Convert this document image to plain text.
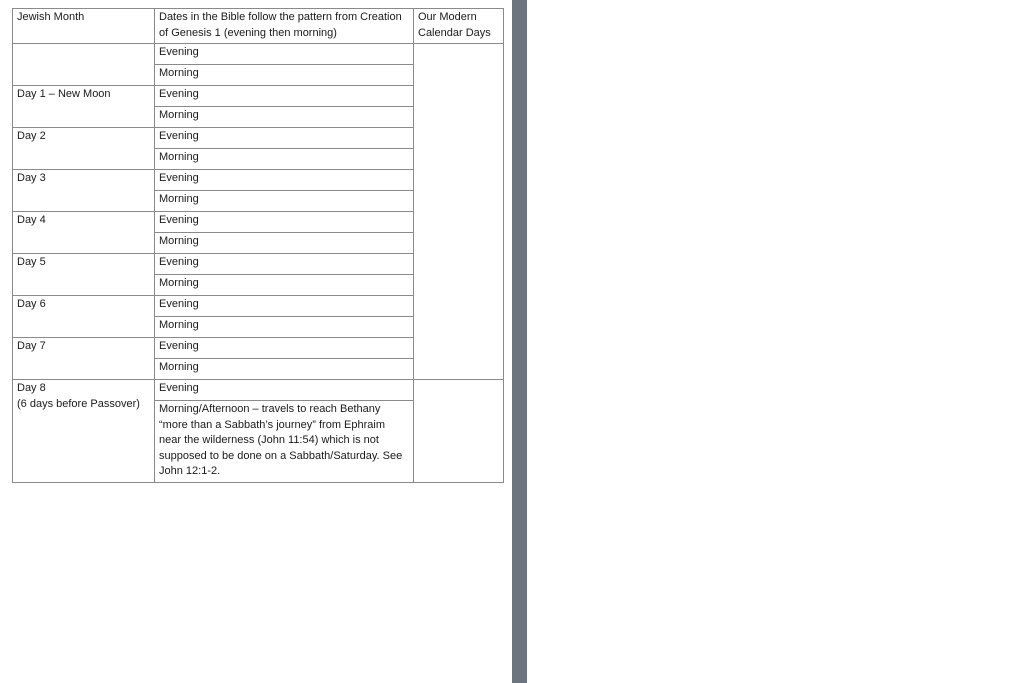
Jewish Month	Dates in the Bible follow the pattern from Creation of Genesis 1 (evening then morning)	Our Modern Calendar Days
	Evening	
	Morning	
Day 1 – New Moon	Evening	
	Morning	
Day 2	Evening	
	Morning	
Day 3	Evening	
	Morning	
Day 4	Evening	
	Morning	
Day 5	Evening	
	Morning	
Day 6	Evening	
	Morning	
Day 7	Evening	
	Morning	
Day 8
(6 days before Passover)	Evening	
	Morning/Afternoon – travels to reach Bethany “more than a Sabbath’s journey” from Ephraim near the wilderness (John 11:54) which is not supposed to be done on a Sabbath/Saturday. See John 12:1-2.	
